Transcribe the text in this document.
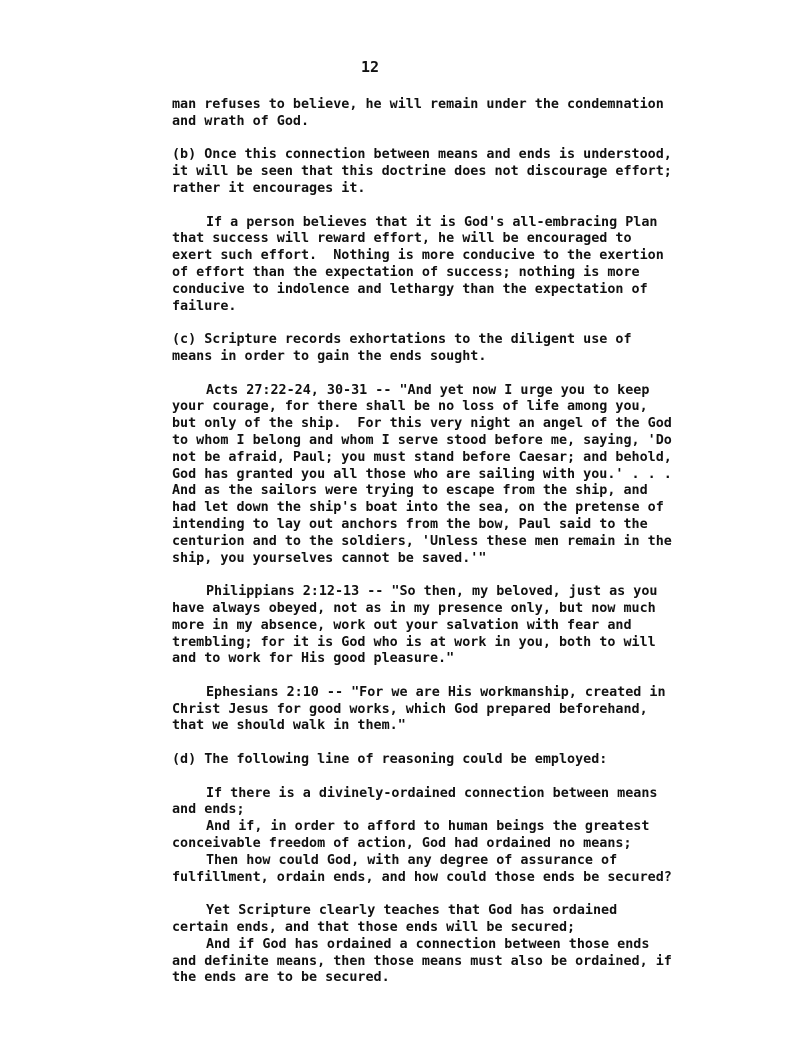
12
man refuses to believe, he will remain under the condemnation
and wrath of God.
(b) Once this connection between means and ends is understood,
it will be seen that this doctrine does not discourage effort;
rather it encourages it.
If a person believes that it is God's all-embracing Plan
that success will reward effort, he will be encouraged to
exert such effort.  Nothing is more conducive to the exertion
of effort than the expectation of success; nothing is more
conducive to indolence and lethargy than the expectation of
failure.
(c) Scripture records exhortations to the diligent use of
means in order to gain the ends sought.
Acts 27:22-24, 30-31 -- "And yet now I urge you to keep
your courage, for there shall be no loss of life among you,
but only of the ship.  For this very night an angel of the God
to whom I belong and whom I serve stood before me, saying, 'Do
not be afraid, Paul; you must stand before Caesar; and behold,
God has granted you all those who are sailing with you.' . . .
And as the sailors were trying to escape from the ship, and
had let down the ship's boat into the sea, on the pretense of
intending to lay out anchors from the bow, Paul said to the
centurion and to the soldiers, 'Unless these men remain in the
ship, you yourselves cannot be saved.'"
Philippians 2:12-13 -- "So then, my beloved, just as you
have always obeyed, not as in my presence only, but now much
more in my absence, work out your salvation with fear and
trembling; for it is God who is at work in you, both to will
and to work for His good pleasure."
Ephesians 2:10 -- "For we are His workmanship, created in
Christ Jesus for good works, which God prepared beforehand,
that we should walk in them."
(d) The following line of reasoning could be employed:
If there is a divinely-ordained connection between means
and ends;
And if, in order to afford to human beings the greatest
conceivable freedom of action, God had ordained no means;
Then how could God, with any degree of assurance of
fulfillment, ordain ends, and how could those ends be secured?
Yet Scripture clearly teaches that God has ordained
certain ends, and that those ends will be secured;
And if God has ordained a connection between those ends
and definite means, then those means must also be ordained, if
the ends are to be secured.
